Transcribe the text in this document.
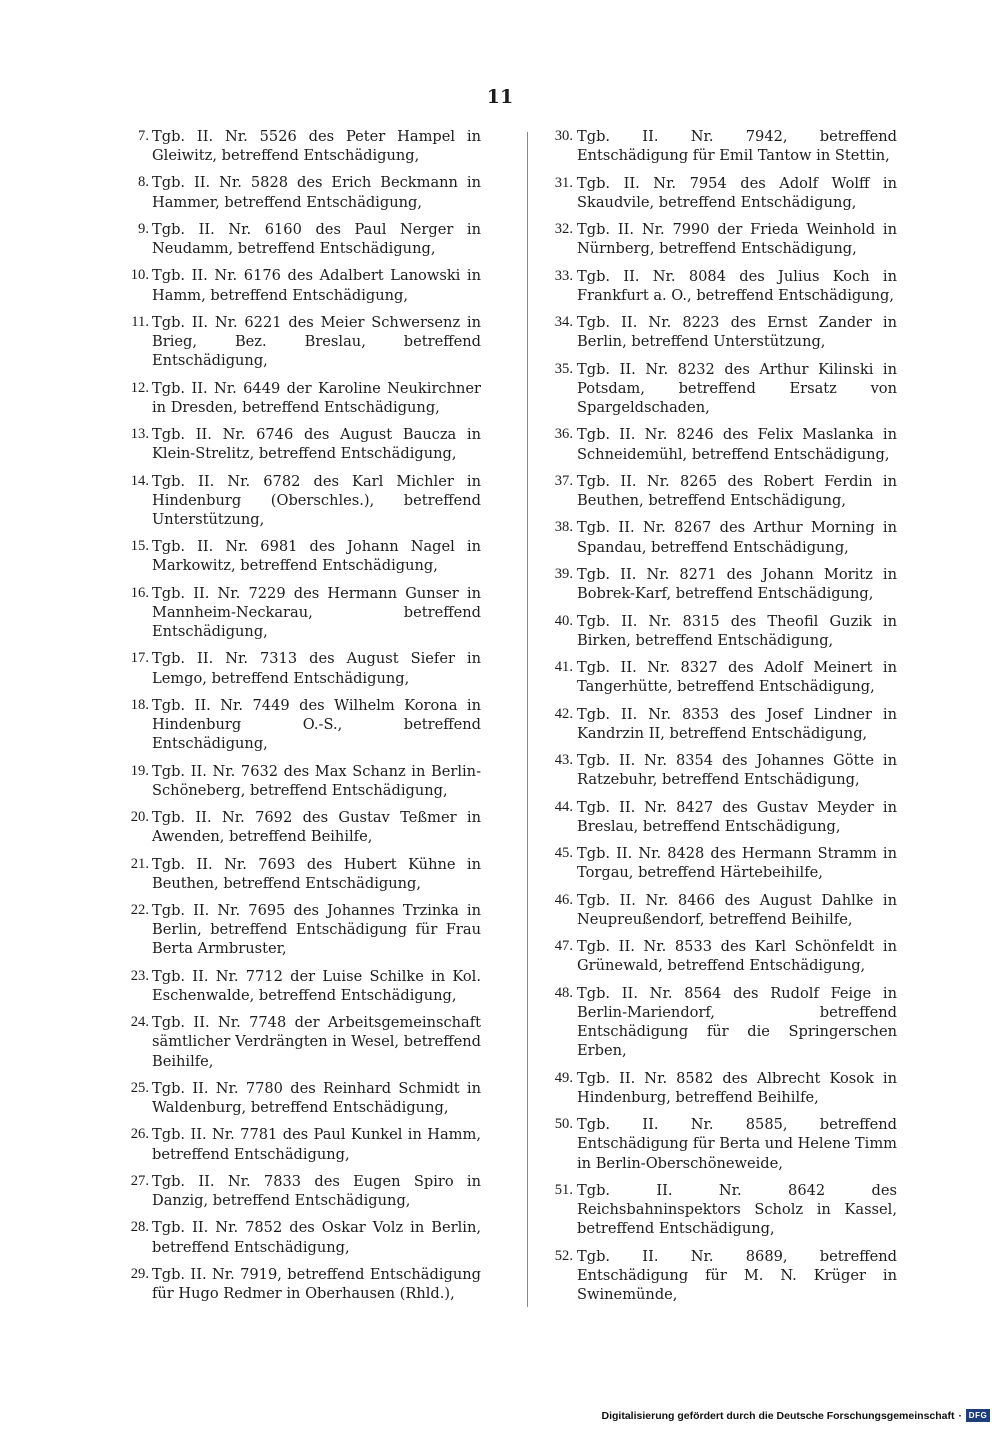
11
7. Tgb. II. Nr. 5526 des Peter Hampel in Gleiwitz, betreffend Entschädigung,
8. Tgb. II. Nr. 5828 des Erich Beckmann in Hammer, betreffend Entschädigung,
9. Tgb. II. Nr. 6160 des Paul Nerger in Neudamm, betreffend Entschädigung,
10. Tgb. II. Nr. 6176 des Adalbert Lanowski in Hamm, betreffend Entschädigung,
11. Tgb. II. Nr. 6221 des Meier Schwersenz in Brieg, Bez. Breslau, betreffend Entschädigung,
12. Tgb. II. Nr. 6449 der Karoline Neukirchner in Dresden, betreffend Entschädigung,
13. Tgb. II. Nr. 6746 des August Baucza in Klein-Strelitz, betreffend Entschädigung,
14. Tgb. II. Nr. 6782 des Karl Michler in Hindenburg (Oberschles.), betreffend Unterstützung,
15. Tgb. II. Nr. 6981 des Johann Nagel in Markowitz, betreffend Entschädigung,
16. Tgb. II. Nr. 7229 des Hermann Gunser in Mannheim-Neckarau, betreffend Entschädigung,
17. Tgb. II. Nr. 7313 des August Siefer in Lemgo, betreffend Entschädigung,
18. Tgb. II. Nr. 7449 des Wilhelm Korona in Hindenburg O.-S., betreffend Entschädigung,
19. Tgb. II. Nr. 7632 des Max Schanz in Berlin-Schöneberg, betreffend Entschädigung,
20. Tgb. II. Nr. 7692 des Gustav Teßmer in Awenden, betreffend Beihilfe,
21. Tgb. II. Nr. 7693 des Hubert Kühne in Beuthen, betreffend Entschädigung,
22. Tgb. II. Nr. 7695 des Johannes Trzinka in Berlin, betreffend Entschädigung für Frau Berta Armbruster,
23. Tgb. II. Nr. 7712 der Luise Schilke in Kol. Eschenwalde, betreffend Entschädigung,
24. Tgb. II. Nr. 7748 der Arbeitsgemeinschaft sämtlicher Verdrängten in Wesel, betreffend Beihilfe,
25. Tgb. II. Nr. 7780 des Reinhard Schmidt in Waldenburg, betreffend Entschädigung,
26. Tgb. II. Nr. 7781 des Paul Kunkel in Hamm, betreffend Entschädigung,
27. Tgb. II. Nr. 7833 des Eugen Spiro in Danzig, betreffend Entschädigung,
28. Tgb. II. Nr. 7852 des Oskar Volz in Berlin, betreffend Entschädigung,
29. Tgb. II. Nr. 7919, betreffend Entschädigung für Hugo Redmer in Oberhausen (Rhld.),
30. Tgb. II. Nr. 7942, betreffend Entschädigung für Emil Tantow in Stettin,
31. Tgb. II. Nr. 7954 des Adolf Wolff in Skaudvile, betreffend Entschädigung,
32. Tgb. II. Nr. 7990 der Frieda Weinhold in Nürnberg, betreffend Entschädigung,
33. Tgb. II. Nr. 8084 des Julius Koch in Frankfurt a. O., betreffend Entschädigung,
34. Tgb. II. Nr. 8223 des Ernst Zander in Berlin, betreffend Unterstützung,
35. Tgb. II. Nr. 8232 des Arthur Kilinski in Potsdam, betreffend Ersatz von Spargeldschaden,
36. Tgb. II. Nr. 8246 des Felix Maslanka in Schneidemühl, betreffend Entschädigung,
37. Tgb. II. Nr. 8265 des Robert Ferdin in Beuthen, betreffend Entschädigung,
38. Tgb. II. Nr. 8267 des Arthur Morning in Spandau, betreffend Entschädigung,
39. Tgb. II. Nr. 8271 des Johann Moritz in Bobrek-Karf, betreffend Entschädigung,
40. Tgb. II. Nr. 8315 des Theofil Guzik in Birken, betreffend Entschädigung,
41. Tgb. II. Nr. 8327 des Adolf Meinert in Tangerhütte, betreffend Entschädigung,
42. Tgb. II. Nr. 8353 des Josef Lindner in Kandrzin II, betreffend Entschädigung,
43. Tgb. II. Nr. 8354 des Johannes Götte in Ratzebuhr, betreffend Entschädigung,
44. Tgb. II. Nr. 8427 des Gustav Meyder in Breslau, betreffend Entschädigung,
45. Tgb. II. Nr. 8428 des Hermann Stramm in Torgau, betreffend Härtebeihilfe,
46. Tgb. II. Nr. 8466 des August Dahlke in Neupreußendorf, betreffend Beihilfe,
47. Tgb. II. Nr. 8533 des Karl Schönfeldt in Grünewald, betreffend Entschädigung,
48. Tgb. II. Nr. 8564 des Rudolf Feige in Berlin-Mariendorf, betreffend Entschädigung für die Springerschen Erben,
49. Tgb. II. Nr. 8582 des Albrecht Kosok in Hindenburg, betreffend Beihilfe,
50. Tgb. II. Nr. 8585, betreffend Entschädigung für Berta und Helene Timm in Berlin-Oberschöneweide,
51. Tgb. II. Nr. 8642 des Reichsbahninspektors Scholz in Kassel, betreffend Entschädigung,
52. Tgb. II. Nr. 8689, betreffend Entschädigung für M. N. Krüger in Swinemünde,
Digitalisierung gefördert durch die Deutsche Forschungsgemeinschaft · DFG
